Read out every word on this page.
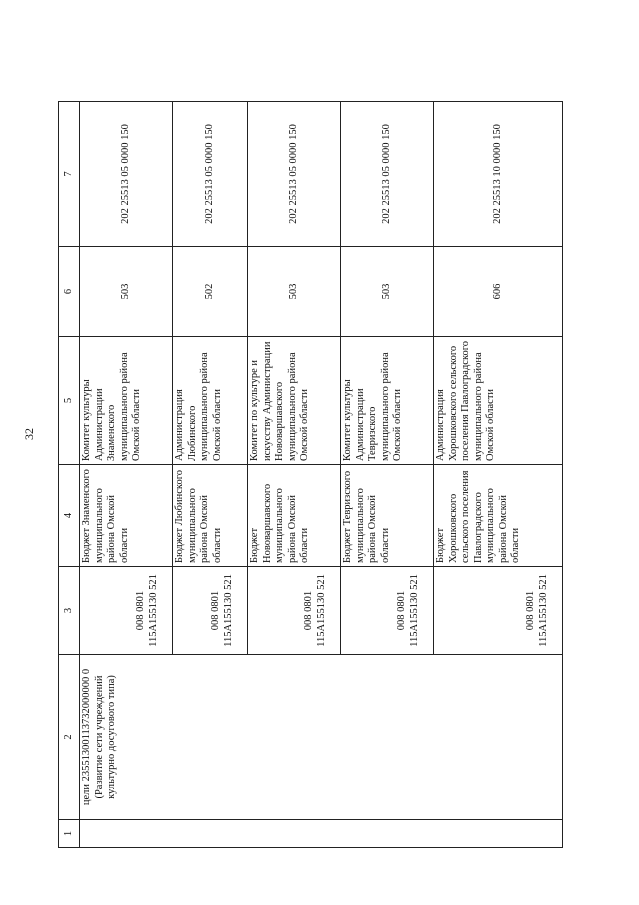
32
1	2	3	4	5	6	7

	цели 23551300113732000000 0 (Развитие сети учреждений культурно досугового типа)	008 0801 115А155130 521	Бюджет Знаменского муниципального района Омской области	Комитет культуры Администрации Знаменского муниципального района Омской области	503	202 25513 05 0000 150
		008 0801 115А155130 521	Бюджет Любинского муниципального района Омской области	Администрация Любинского муниципального района Омской области	502	202 25513 05 0000 150
		008 0801 115А155130 521	Бюджет Нововаршавского муниципального района Омской области	Комитет по культуре и искусству Администрации Нововаршавского муниципального района Омской области	503	202 25513 05 0000 150
		008 0801 115А155130 521	Бюджет Тевризского муниципального района Омской области	Комитет культуры Администрации Тевризского муниципального района Омской области	503	202 25513 05 0000 150
		008 0801 115А155130 521	Бюджет Хорошковского сельского поселения Павлоградского муниципального района Омской области	Администрация Хорошковского сельского поселения Павлоградского муниципального района Омской области	606	202 25513 10 0000 150
